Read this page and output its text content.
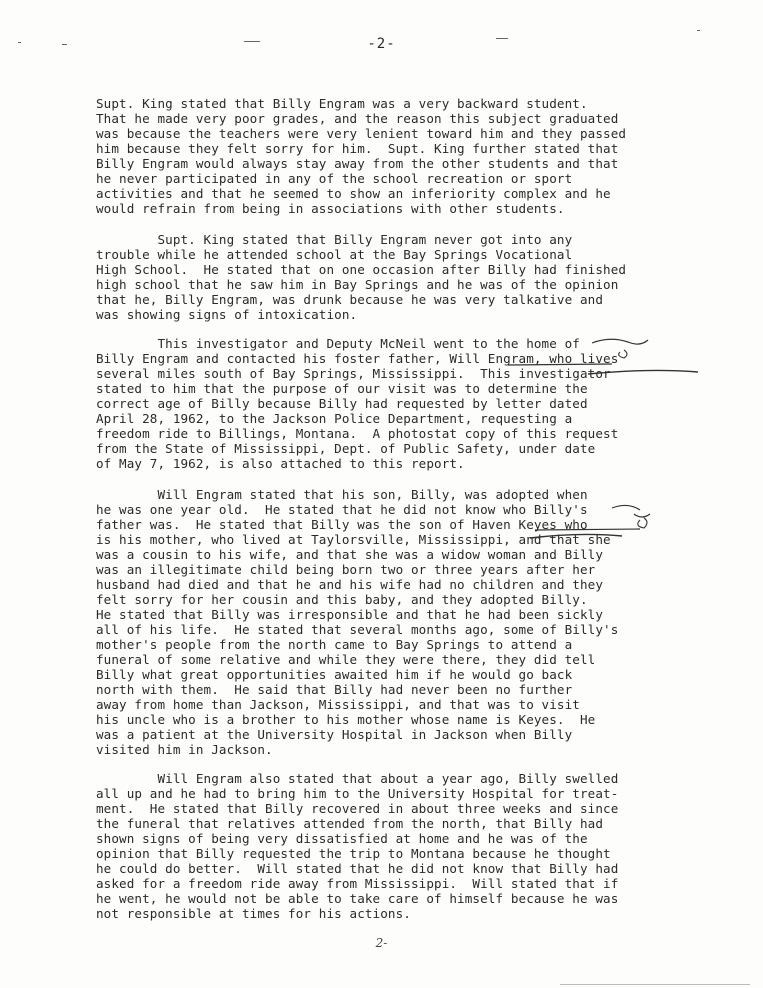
-2-

Supt. King stated that Billy Engram was a very backward student.
That he made very poor grades, and the reason this subject graduated
was because the teachers were very lenient toward him and they passed
him because they felt sorry for him.  Supt. King further stated that
Billy Engram would always stay away from the other students and that
he never participated in any of the school recreation or sport
activities and that he seemed to show an inferiority complex and he
would refrain from being in associations with other students.

Supt. King stated that Billy Engram never got into any
trouble while he attended school at the Bay Springs Vocational
High School.  He stated that on one occasion after Billy had finished
high school that he saw him in Bay Springs and he was of the opinion
that he, Billy Engram, was drunk because he was very talkative and
was showing signs of intoxication.

This investigator and Deputy McNeil went to the home of
Billy Engram and contacted his foster father, Will Engram, who lives
several miles south of Bay Springs, Mississippi.  This investigator
stated to him that the purpose of our visit was to determine the
correct age of Billy because Billy had requested by letter dated
April 28, 1962, to the Jackson Police Department, requesting a
freedom ride to Billings, Montana.  A photostat copy of this request
from the State of Mississippi, Dept. of Public Safety, under date
of May 7, 1962, is also attached to this report.

Will Engram stated that his son, Billy, was adopted when
he was one year old.  He stated that he did not know who Billy's
father was.  He stated that Billy was the son of Haven Keyes who
is his mother, who lived at Taylorsville, Mississippi, and that she
was a cousin to his wife, and that she was a widow woman and Billy
was an illegitimate child being born two or three years after her
husband had died and that he and his wife had no children and they
felt sorry for her cousin and this baby, and they adopted Billy.
He stated that Billy was irresponsible and that he had been sickly
all of his life.  He stated that several months ago, some of Billy's
mother's people from the north came to Bay Springs to attend a
funeral of some relative and while they were there, they did tell
Billy what great opportunities awaited him if he would go back
north with them.  He said that Billy had never been no further
away from home than Jackson, Mississippi, and that was to visit
his uncle who is a brother to his mother whose name is Keyes.  He
was a patient at the University Hospital in Jackson when Billy
visited him in Jackson.

Will Engram also stated that about a year ago, Billy swelled
all up and he had to bring him to the University Hospital for treat-
ment.  He stated that Billy recovered in about three weeks and since
the funeral that relatives attended from the north, that Billy had
shown signs of being very dissatisfied at home and he was of the
opinion that Billy requested the trip to Montana because he thought
he could do better.  Will stated that he did not know that Billy had
asked for a freedom ride away from Mississippi.  Will stated that if
he went, he would not be able to take care of himself because he was
not responsible at times for his actions.

2-
